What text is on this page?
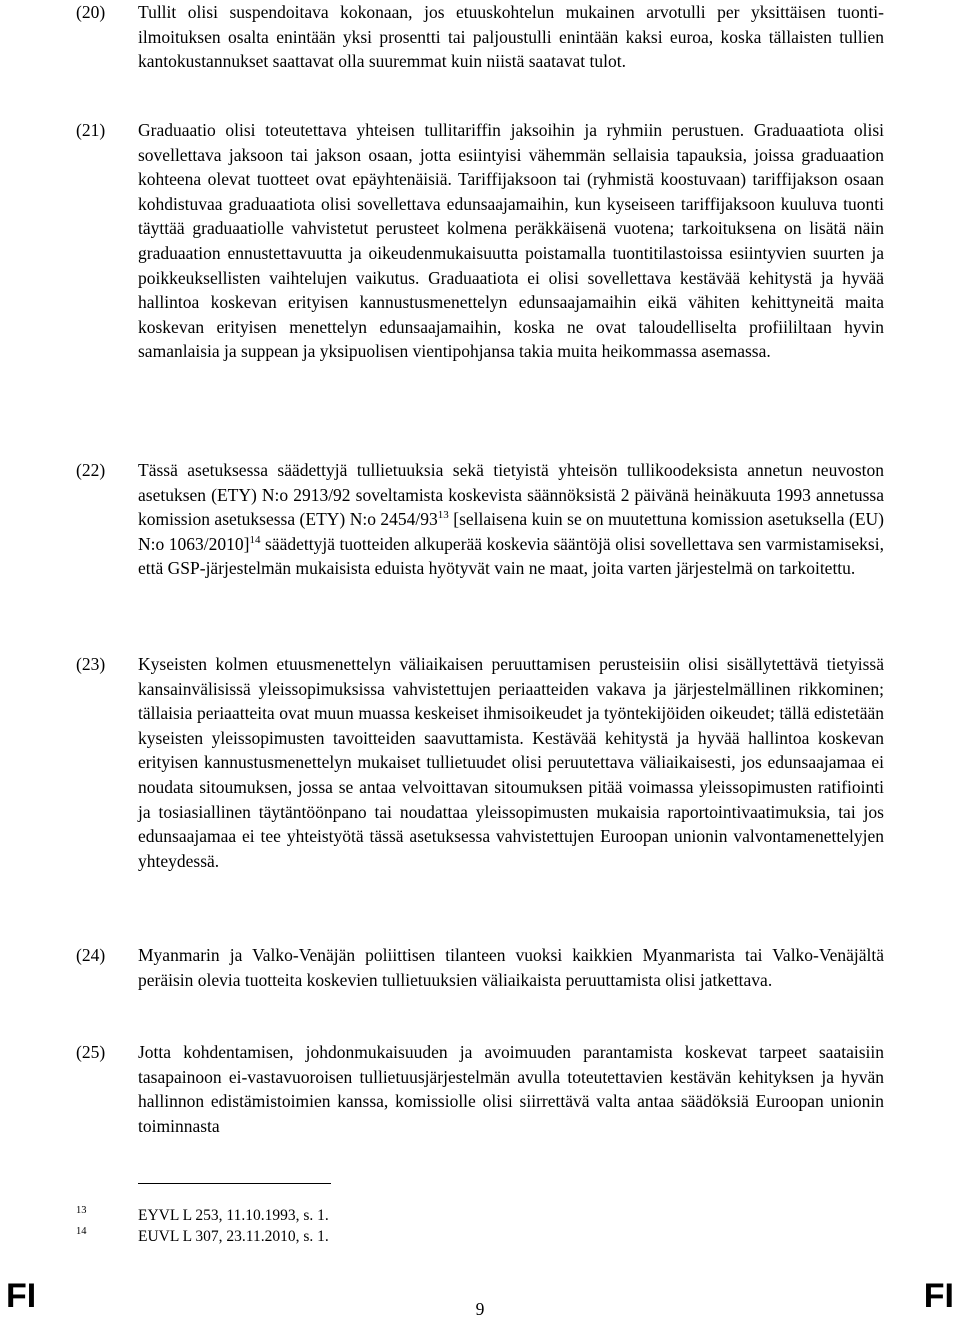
(20) Tullit olisi suspendoitava kokonaan, jos etuuskohtelun mukainen arvotulli per yksittäisen tuonti-ilmoituksen osalta enintään yksi prosentti tai paljoustulli enintään kaksi euroa, koska tällaisten tullien kantokustannukset saattavat olla suuremmat kuin niistä saatavat tulot.

(21) Graduaatio olisi toteutettava yhteisen tullitariffin jaksoihin ja ryhmiin perustuen. Graduaatiota olisi sovellettava jaksoon tai jakson osaan, jotta esiintyisi vähemmän sellaisia tapauksia, joissa graduaation kohteena olevat tuotteet ovat epäyhtenäisiä. Tariffijaksoon tai (ryhmistä koostuvaan) tariffijakson osaan kohdistuvaa graduaatiota olisi sovellettava edunsaajamaihin, kun kyseiseen tariffijaksoon kuuluva tuonti täyttää graduaatiolle vahvistetut perusteet kolmena peräkkäisenä vuotena; tarkoituksena on lisätä näin graduaation ennustettavuutta ja oikeudenmukaisuutta poistamalla tuontitilastoissa esiintyvien suurten ja poikkeuksellisten vaihtelujen vaikutus. Graduaatiota ei olisi sovellettava kestävää kehitystä ja hyvää hallintoa koskevan erityisen kannustusmenettelyn edunsaajamaihin eikä vähiten kehittyneitä maita koskevan erityisen menettelyn edunsaajamaihin, koska ne ovat taloudelliselta profiililtaan hyvin samanlaisia ja suppean ja yksipuolisen vientipohjansa takia muita heikommassa asemassa.

(22) Tässä asetuksessa säädettyjä tullietuuksia sekä tietyistä yhteisön tullikoodeksista annetun neuvoston asetuksen (ETY) N:o 2913/92 soveltamista koskevista säännöksistä 2 päivänä heinäkuuta 1993 annetussa komission asetuksessa (ETY) N:o $2454/93^{13}$ [sellaisena kuin se on muutettuna komission asetuksella (EU) N:o 1063/2010]$^{14}$ säädettyjä tuotteiden alkuperää koskevia sääntöjä olisi sovellettava sen varmistamiseksi, että GSP-järjestelmän mukaisista eduista hyötyvät vain ne maat, joita varten järjestelmä on tarkoitettu.

(23) Kyseisten kolmen etuusmenettelyn väliaikaisen peruuttamisen perusteisiin olisi sisällytettävä tietyissä kansainvälisissä yleissopimuksissa vahvistettujen periaatteiden vakava ja järjestelmällinen rikkominen; tällaisia periaatteita ovat muun muassa keskeiset ihmisoikeudet ja työntekijöiden oikeudet; tällä edistetään kyseisten yleissopimusten tavoitteiden saavuttamista. Kestävää kehitystä ja hyvää hallintoa koskevan erityisen kannustusmenettelyn mukaiset tullietuudet olisi peruutettava väliaikaisesti, jos edunsaajamaa ei noudata sitoumuksen, jossa se antaa velvoittavan sitoumuksen pitää voimassa yleissopimusten ratifiointi ja tosiasiallinen täytäntöönpano tai noudattaa yleissopimusten mukaisia raportointivaatimuksia, tai jos edunsaajamaa ei tee yhteistyötä tässä asetuksessa vahvistettujen Euroopan unionin valvontamenettelyjen yhteydessä.

(24) Myanmarin ja Valko-Venäjän poliittisen tilanteen vuoksi kaikkien Myanmarista tai Valko-Venäjältä peräisin olevia tuotteita koskevien tullietuuksien väliaikaista peruuttamista olisi jatkettava.

(25) Jotta kohdentamisen, johdonmukaisuuden ja avoimuuden parantamista koskevat tarpeet saataisiin tasapainoon ei-vastavuoroisen tullietuusjärjestelmän avulla toteutettavien kestävän kehityksen ja hyvän hallinnon edistämistoimien kanssa, komissiolle olisi siirrettävä valta antaa säädöksiä Euroopan unionin toiminnasta

13	EYVL L 253, 11.10.1993, s. 1.
14	EUVL L 307, 23.11.2010, s. 1.
FI	9	FI
